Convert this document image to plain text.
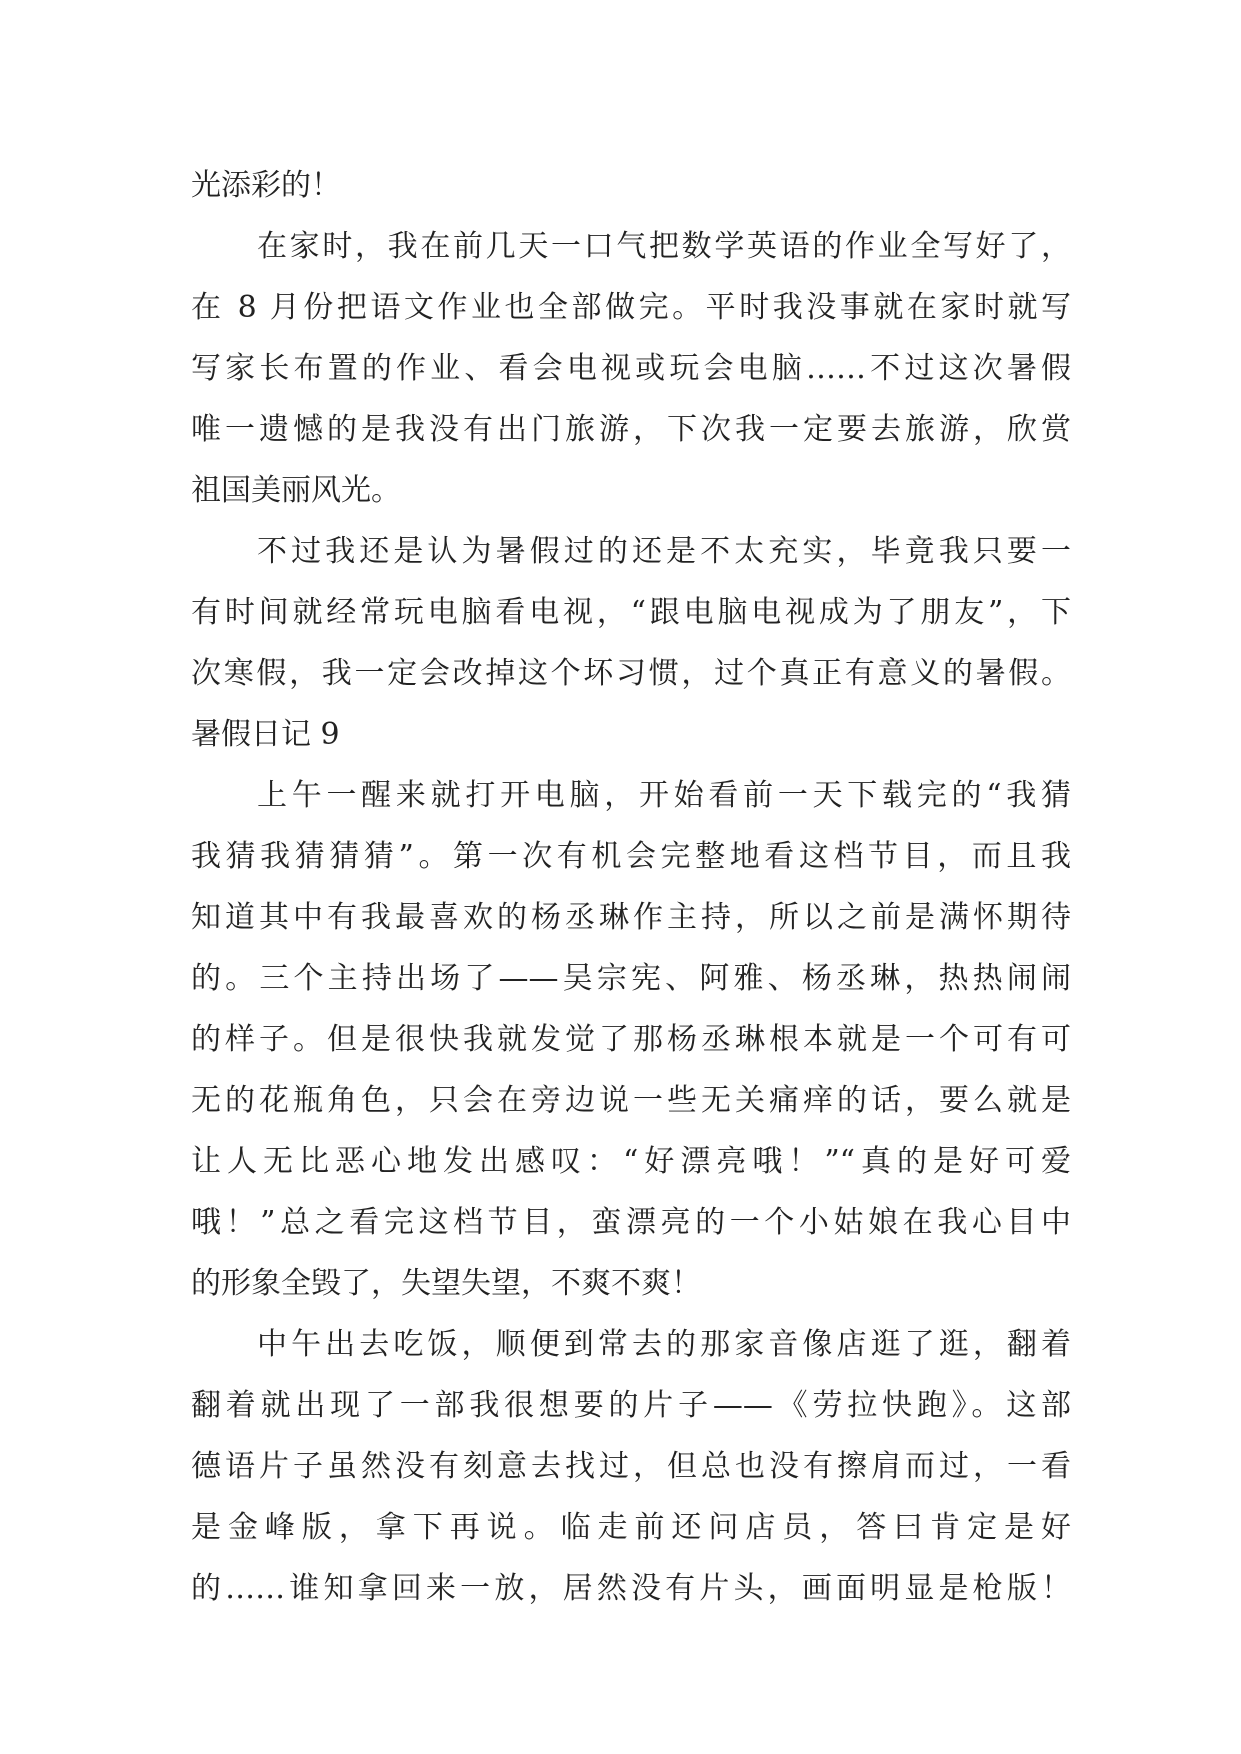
光添彩的！
在家时，我在前几天一口气把数学英语的作业全写好了，
在 8 月份把语文作业也全部做完。平时我没事就在家时就写
写家长布置的作业、看会电视或玩会电脑……不过这次暑假
唯一遗憾的是我没有出门旅游，下次我一定要去旅游，欣赏
祖国美丽风光。
不过我还是认为暑假过的还是不太充实，毕竟我只要一
有时间就经常玩电脑看电视，“跟电脑电视成为了朋友”，下
次寒假，我一定会改掉这个坏习惯，过个真正有意义的暑假。
暑假日记 9
上午一醒来就打开电脑，开始看前一天下载完的“我猜
我猜我猜猜猜”。第一次有机会完整地看这档节目，而且我
知道其中有我最喜欢的杨丞琳作主持，所以之前是满怀期待
的。三个主持出场了——吴宗宪、阿雅、杨丞琳，热热闹闹
的样子。但是很快我就发觉了那杨丞琳根本就是一个可有可
无的花瓶角色，只会在旁边说一些无关痛痒的话，要么就是
让人无比恶心地发出感叹：“好漂亮哦！”“真的是好可爱
哦！”总之看完这档节目，蛮漂亮的一个小姑娘在我心目中
的形象全毁了，失望失望，不爽不爽！
中午出去吃饭，顺便到常去的那家音像店逛了逛，翻着
翻着就出现了一部我很想要的片子——《劳拉快跑》。这部
德语片子虽然没有刻意去找过，但总也没有擦肩而过，一看
是金峰版，拿下再说。临走前还问店员，答曰肯定是好
的……谁知拿回来一放，居然没有片头，画面明显是枪版！
